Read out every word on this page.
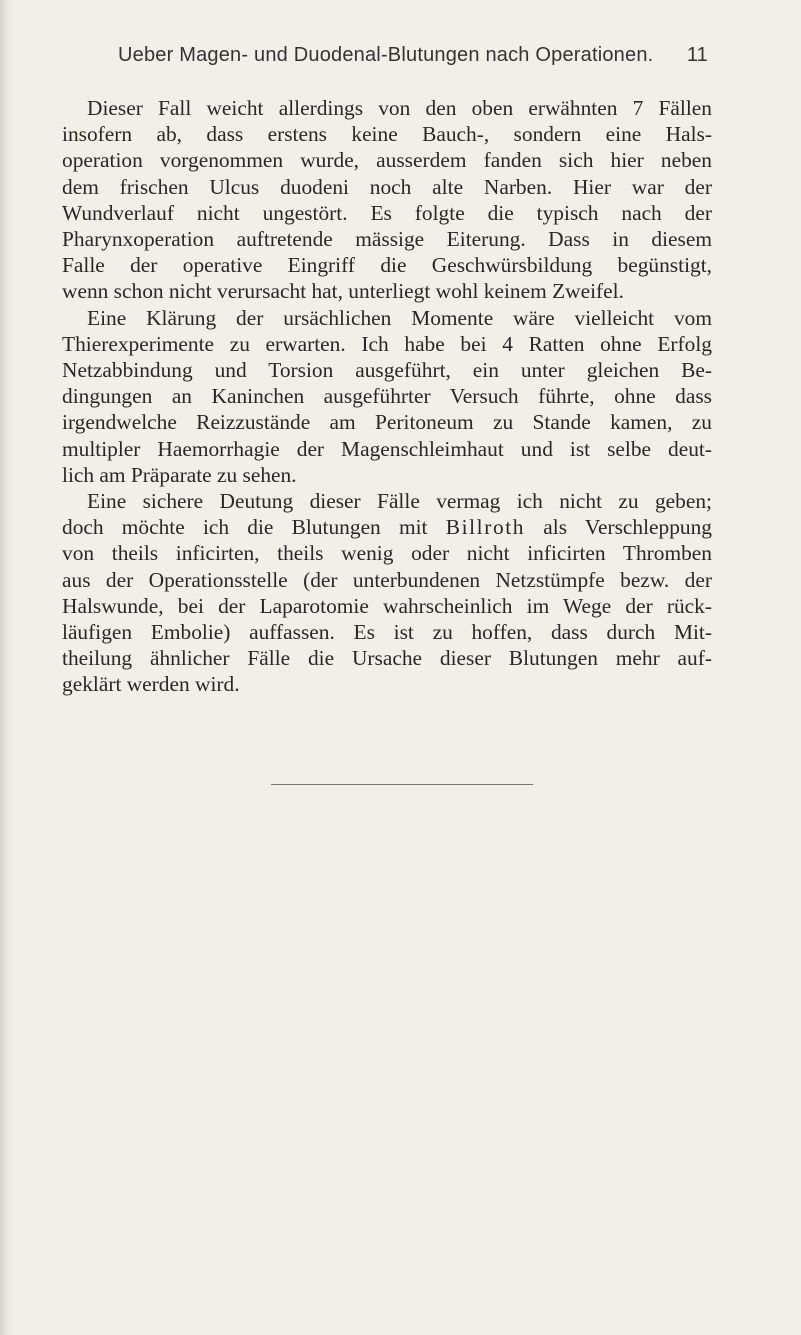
Ueber Magen- und Duodenal-Blutungen nach Operationen. 11

Dieser Fall weicht allerdings von den oben erwähnten 7 Fällen
insofern ab, dass erstens keine Bauch-, sondern eine Hals-
operation vorgenommen wurde, ausserdem fanden sich hier neben
dem frischen Ulcus duodeni noch alte Narben. Hier war der
Wundverlauf nicht ungestört. Es folgte die typisch nach der
Pharynxoperation auftretende mässige Eiterung. Dass in diesem
Falle der operative Eingriff die Geschwürsbildung begünstigt,
wenn schon nicht verursacht hat, unterliegt wohl keinem Zweifel.

Eine Klärung der ursächlichen Momente wäre vielleicht vom
Thierexperimente zu erwarten. Ich habe bei 4 Ratten ohne Erfolg
Netzabbindung und Torsion ausgeführt, ein unter gleichen Be-
dingungen an Kaninchen ausgeführter Versuch führte, ohne dass
irgendwelche Reizzustände am Peritoneum zu Stande kamen, zu
multipler Haemorrhagie der Magenschleimhaut und ist selbe deut-
lich am Präparate zu sehen.

Eine sichere Deutung dieser Fälle vermag ich nicht zu geben;
doch möchte ich die Blutungen mit Billroth als Verschleppung
von theils inficirten, theils wenig oder nicht inficirten Thromben
aus der Operationsstelle (der unterbundenen Netzstümpfe bezw. der
Halswunde, bei der Laparotomie wahrscheinlich im Wege der rück-
läufigen Embolie) auffassen. Es ist zu hoffen, dass durch Mit-
theilung ähnlicher Fälle die Ursache dieser Blutungen mehr auf-
geklärt werden wird.
